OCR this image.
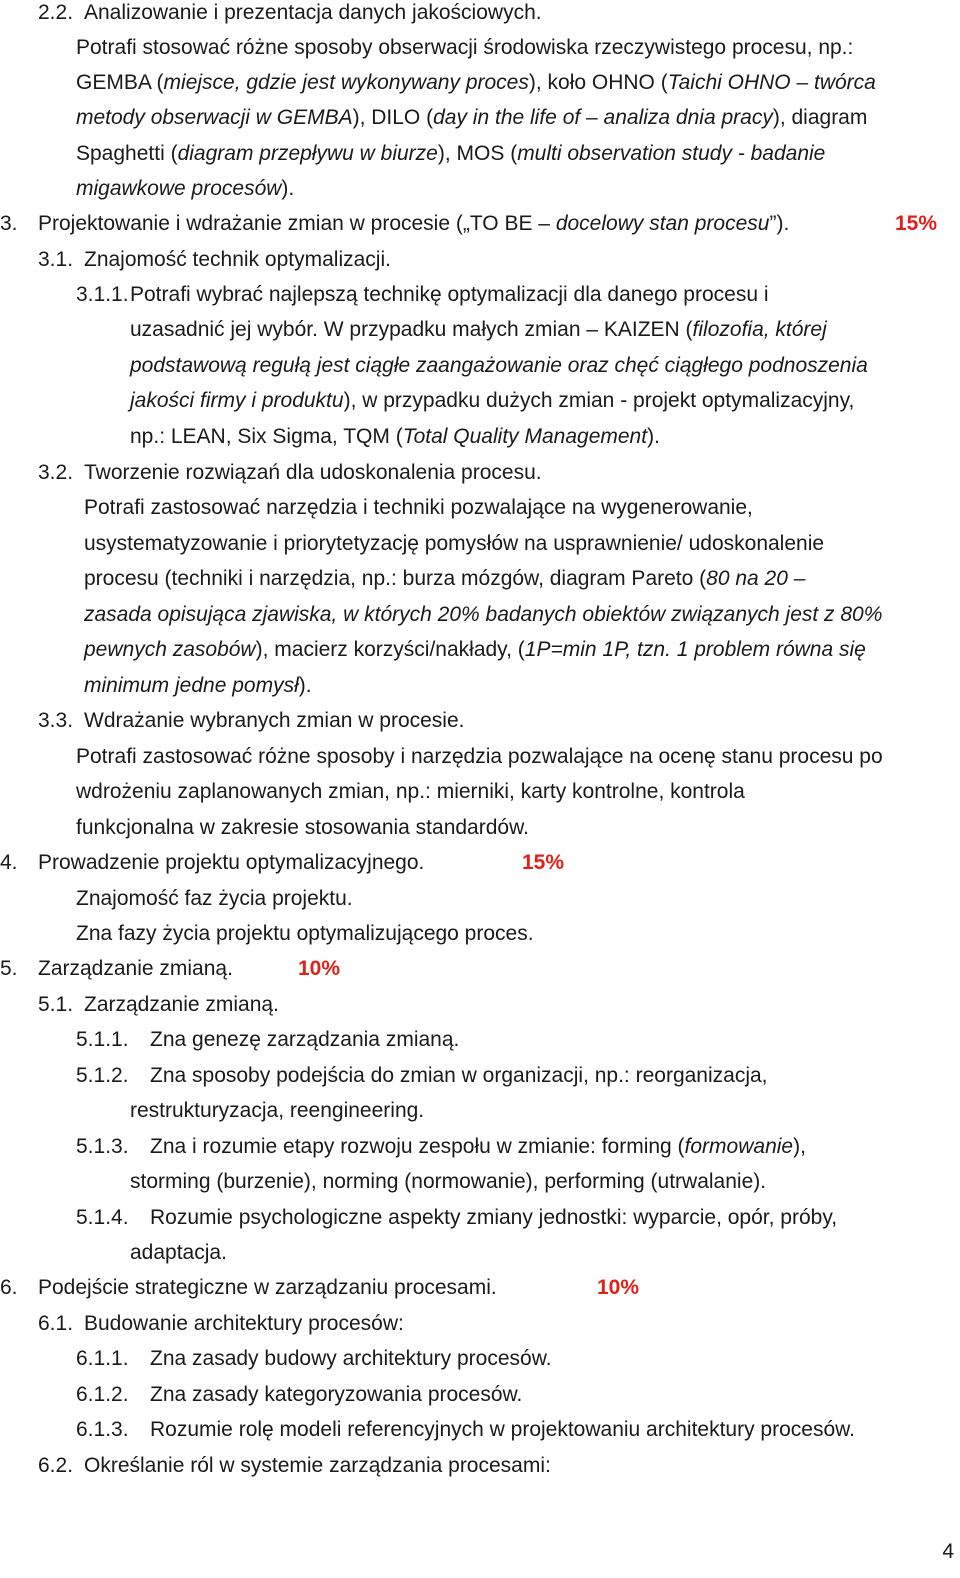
2.2. Analizowanie i prezentacja danych jakościowych.
Potrafi stosować różne sposoby obserwacji środowiska rzeczywistego procesu, np.:
GEMBA (miejsce, gdzie jest wykonywany proces), koło OHNO (Taichi OHNO – twórca
metody obserwacji w GEMBA), DILO (day in the life of – analiza dnia pracy), diagram
Spaghetti (diagram przepływu w biurze), MOS (multi observation study - badanie
migawkowe procesów).
3. Projektowanie i wdrażanie zmian w procesie („TO BE – docelowy stan procesu”).	15%
3.1. Znajomość technik optymalizacji.
3.1.1. Potrafi wybrać najlepszą technikę optymalizacji dla danego procesu i
uzasadnić jej wybór. W przypadku małych zmian – KAIZEN (filozofia, której
podstawową regułą jest ciągłe zaangażowanie oraz chęć ciągłego podnoszenia
jakości firmy i produktu), w przypadku dużych zmian - projekt optymalizacyjny,
np.: LEAN, Six Sigma, TQM (Total Quality Management).
3.2. Tworzenie rozwiązań dla udoskonalenia procesu.
Potrafi zastosować narzędzia i techniki pozwalające na wygenerowanie,
usystematyzowanie i priorytetyzację pomysłów na usprawnienie/ udoskonalenie
procesu (techniki i narzędzia, np.: burza mózgów, diagram Pareto (80 na 20 –
zasada opisująca zjawiska, w których 20% badanych obiektów związanych jest z 80%
pewnych zasobów), macierz korzyści/nakłady, (1P=min 1P, tzn. 1 problem równa się
minimum jedne pomysł).
3.3. Wdrażanie wybranych zmian w procesie.
Potrafi zastosować różne sposoby i narzędzia pozwalające na ocenę stanu procesu po
wdrożeniu zaplanowanych zmian, np.: mierniki, karty kontrolne, kontrola
funkcjonalna w zakresie stosowania standardów.
4. Prowadzenie projektu optymalizacyjnego.	15%
Znajomość faz życia projektu.
Zna fazy życia projektu optymalizującego proces.
5. Zarządzanie zmianą.	10%
5.1. Zarządzanie zmianą.
5.1.1. Zna genezę zarządzania zmianą.
5.1.2. Zna sposoby podejścia do zmian w organizacji, np.: reorganizacja,
restrukturyzacja, reengineering.
5.1.3. Zna i rozumie etapy rozwoju zespołu w zmianie: forming (formowanie),
storming (burzenie), norming (normowanie), performing (utrwalanie).
5.1.4. Rozumie psychologiczne aspekty zmiany jednostki: wyparcie, opór, próby,
adaptacja.
6. Podejście strategiczne w zarządzaniu procesami.	10%
6.1. Budowanie architektury procesów:
6.1.1. Zna zasady budowy architektury procesów.
6.1.2. Zna zasady kategoryzowania procesów.
6.1.3. Rozumie rolę modeli referencyjnych w projektowaniu architektury procesów.
6.2. Określanie ról w systemie zarządzania procesami:
4
